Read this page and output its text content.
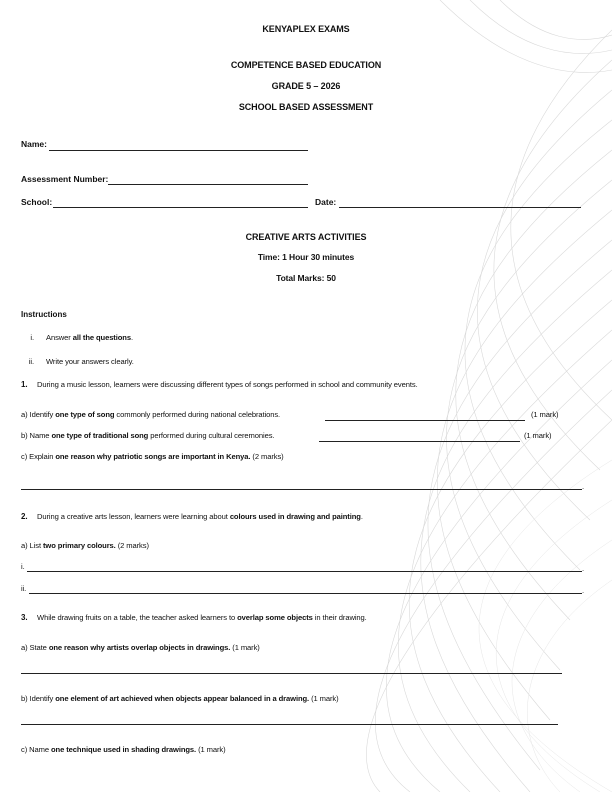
KENYAPLEX EXAMS
COMPETENCE BASED EDUCATION
GRADE 5 – 2026
SCHOOL BASED ASSESSMENT
Name:
Assessment Number:
School:	Date:
CREATIVE ARTS ACTIVITIES
Time: 1 Hour 30 minutes
Total Marks: 50
Instructions
i. Answer all the questions.
ii. Write your answers clearly.
1. During a music lesson, learners were discussing different types of songs performed in school and community events.
a) Identify one type of song commonly performed during national celebrations.	(1 mark)
b) Name one type of traditional song performed during cultural ceremonies.	(1 mark)
c) Explain one reason why patriotic songs are important in Kenya. (2 marks)
.
2. During a creative arts lesson, learners were learning about colours used in drawing and painting.
a) List two primary colours. (2 marks)
i.	.
ii.	.
3. While drawing fruits on a table, the teacher asked learners to overlap some objects in their drawing.
a) State one reason why artists overlap objects in drawings. (1 mark)
b) Identify one element of art achieved when objects appear balanced in a drawing. (1 mark)
c) Name one technique used in shading drawings. (1 mark)
